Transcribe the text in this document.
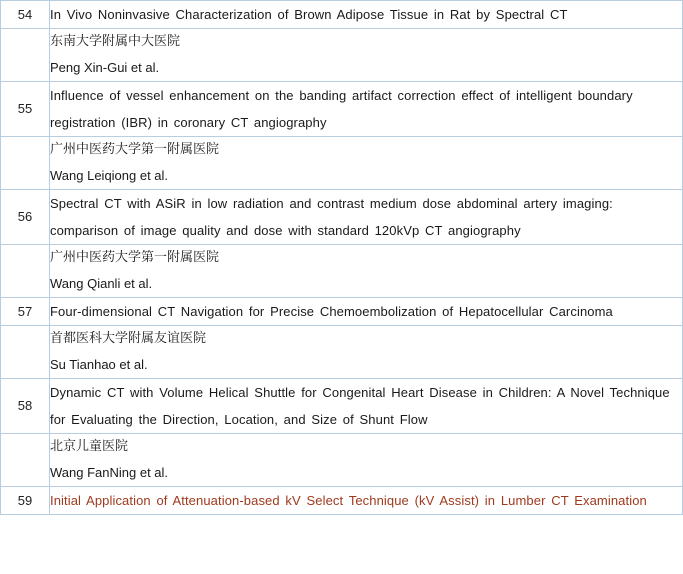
54	In Vivo Noninvasive Characterization of Brown Adipose Tissue in Rat by Spectral CT

	东南大学附属中大医院
Peng Xin-Gui et al.

55	Influence of vessel enhancement on the banding artifact correction effect of intelligent boundary registration (IBR) in coronary CT angiography

	广州中医药大学第一附属医院
Wang Leiqiong et al.

56	Spectral CT with ASiR in low radiation and contrast medium dose abdominal artery imaging: comparison of image quality and dose with standard 120kVp CT angiography

	广州中医药大学第一附属医院
Wang Qianli et al.

57	Four-dimensional CT Navigation for Precise Chemoembolization of Hepatocellular Carcinoma

	首都医科大学附属友谊医院
Su Tianhao et al.

58	Dynamic CT with Volume Helical Shuttle for Congenital Heart Disease in Children: A Novel Technique for Evaluating the Direction, Location, and Size of Shunt Flow

	北京儿童医院
Wang FanNing et al.

59	Initial Application of Attenuation-based kV Select Technique (kV Assist) in Lumber CT Examination
